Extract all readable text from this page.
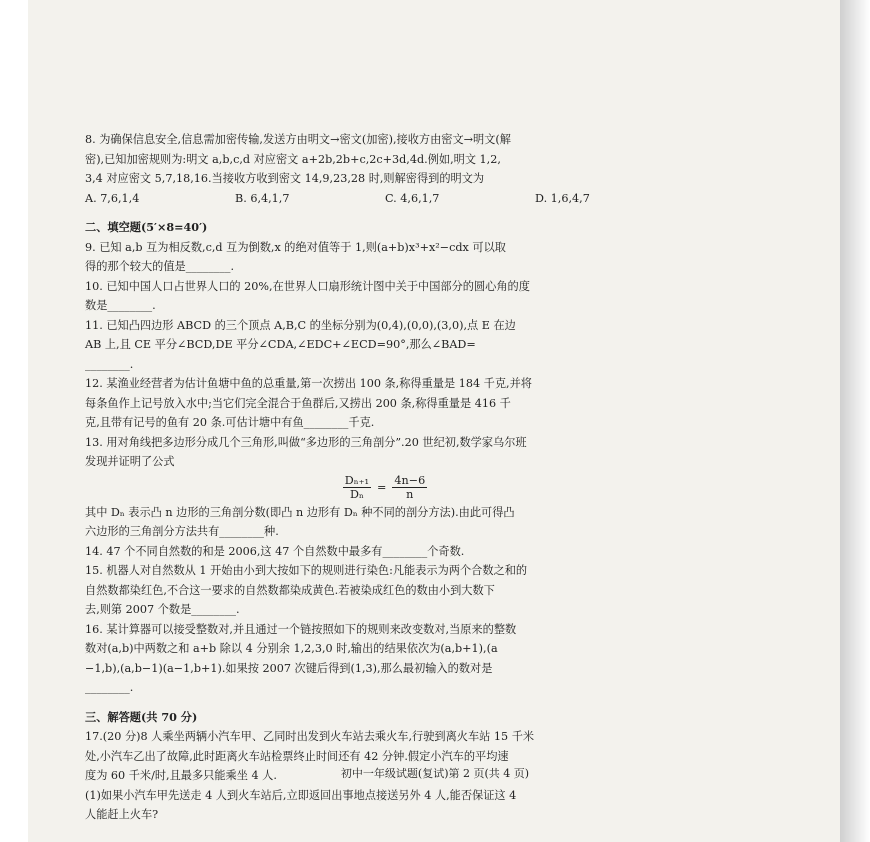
8. 为确保信息安全,信息需加密传输,发送方由明文→密文(加密),接收方由密文→明文(解
密),已知加密规则为:明文 a,b,c,d 对应密文 a+2b,2b+c,2c+3d,4d.例如,明文 1,2,
3,4 对应密文 5,7,18,16.当接收方收到密文 14,9,23,28 时,则解密得到的明文为
A. 7,6,1,4	B. 6,4,1,7	C. 4,6,1,7	D. 1,6,4,7
二、填空题(5′×8=40′)
9. 已知 a,b 互为相反数,c,d 互为倒数,x 的绝对值等于 1,则(a+b)x³+x²−cdx 可以取
得的那个较大的值是________.
10. 已知中国人口占世界人口的 20%,在世界人口扇形统计图中关于中国部分的圆心角的度
数是________.
11. 已知凸四边形 ABCD 的三个顶点 A,B,C 的坐标分别为(0,4),(0,0),(3,0),点 E 在边
AB 上,且 CE 平分∠BCD,DE 平分∠CDA,∠EDC+∠ECD=90°,那么∠BAD=
________.
12. 某渔业经营者为估计鱼塘中鱼的总重量,第一次捞出 100 条,称得重量是 184 千克,并将
每条鱼作上记号放入水中;当它们完全混合于鱼群后,又捞出 200 条,称得重量是 416 千
克,且带有记号的鱼有 20 条.可估计塘中有鱼________千克.
13. 用对角线把多边形分成几个三角形,叫做“多边形的三角剖分”.20 世纪初,数学家乌尔班
发现并证明了公式
$\frac{\text{Dₙ₊₁}}{\text{Dₙ}} = \frac{4n-6}{n}$
其中 Dₙ 表示凸 n 边形的三角剖分数(即凸 n 边形有 Dₙ 种不同的剖分方法).由此可得凸
六边形的三角剖分方法共有________种.
14. 47 个不同自然数的和是 2006,这 47 个自然数中最多有________个奇数.
15. 机器人对自然数从 1 开始由小到大按如下的规则进行染色:凡能表示为两个合数之和的
自然数都染红色,不合这一要求的自然数都染成黄色.若被染成红色的数由小到大数下
去,则第 2007 个数是________.
16. 某计算器可以接受整数对,并且通过一个链按照如下的规则来改变数对,当原来的整数
数对(a,b)中两数之和 a+b 除以 4 分别余 1,2,3,0 时,输出的结果依次为(a,b+1),(a
−1,b),(a,b−1)(a−1,b+1).如果按 2007 次键后得到(1,3),那么最初输入的数对是
________.
三、解答题(共 70 分)
17.(20 分)8 人乘坐两辆小汽车甲、乙同时出发到火车站去乘火车,行驶到离火车站 15 千米
处,小汽车乙出了故障,此时距离火车站检票终止时间还有 42 分钟.假定小汽车的平均速
度为 60 千米/时,且最多只能乘坐 4 人.
(1)如果小汽车甲先送走 4 人到火车站后,立即返回出事地点接送另外 4 人,能否保证这 4
人能赶上火车?
初中一年级试题(复试)第 2 页(共 4 页)
